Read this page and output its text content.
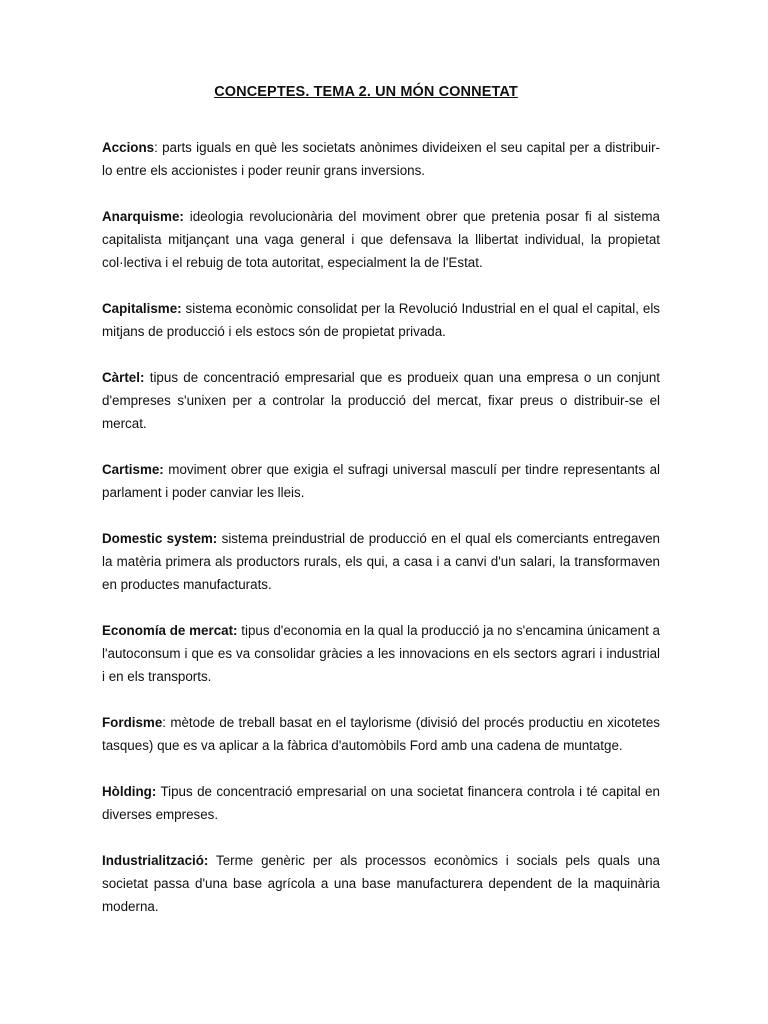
CONCEPTES. TEMA 2. UN MÓN CONNETAT

Accions: parts iguals en què les societats anònimes divideixen el seu capital per a distribuir-lo entre els accionistes i poder reunir grans inversions.

Anarquisme: ideologia revolucionària del moviment obrer que pretenia posar fi al sistema capitalista mitjançant una vaga general i que defensava la llibertat individual, la propietat col·lectiva i el rebuig de tota autoritat, especialment la de l'Estat.

Capitalisme: sistema econòmic consolidat per la Revolució Industrial en el qual el capital, els mitjans de producció i els estocs són de propietat privada.

Càrtel: tipus de concentració empresarial que es produeix quan una empresa o un conjunt d'empreses s'unixen per a controlar la producció del mercat, fixar preus o distribuir-se el mercat.

Cartisme: moviment obrer que exigia el sufragi universal masculí per tindre representants al parlament i poder canviar les lleis.

Domestic system: sistema preindustrial de producció en el qual els comerciants entregaven la matèria primera als productors rurals, els qui, a casa i a canvi d'un salari, la transformaven en productes manufacturats.

Economía de mercat: tipus d'economia en la qual la producció ja no s'encamina únicament a l'autoconsum i que es va consolidar gràcies a les innovacions en els sectors agrari i industrial i en els transports.

Fordisme: mètode de treball basat en el taylorisme (divisió del procés productiu en xicotetes tasques) que es va aplicar a la fàbrica d'automòbils Ford amb una cadena de muntatge.

Hòlding: Tipus de concentració empresarial on una societat financera controla i té capital en diverses empreses.

Industrialització: Terme genèric per als processos econòmics i socials pels quals una societat passa d'una base agrícola a una base manufacturera dependent de la maquinària moderna.
